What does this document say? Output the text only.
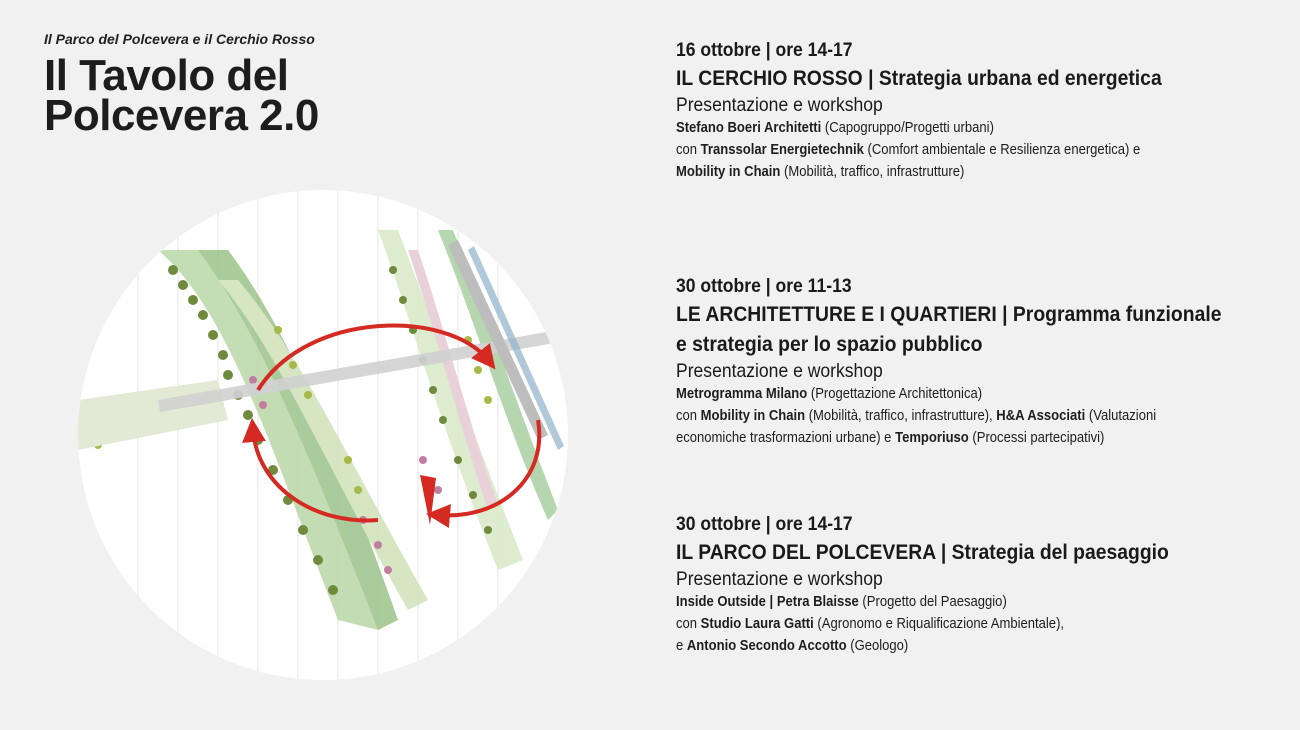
Il Parco del Polcevera e il Cerchio Rosso
Il Tavolo del
Polcevera 2.0
16 ottobre | ore 14-17
IL CERCHIO ROSSO | Strategia urbana ed energetica
Presentazione e workshop
Stefano Boeri Architetti (Capogruppo/Progetti urbani)
con Transsolar Energietechnik (Comfort ambientale e Resilienza energetica) e
Mobility in Chain (Mobilità, traffico, infrastrutture)
30 ottobre | ore 11-13
LE ARCHITETTURE E I QUARTIERI | Programma funzionale e strategia per lo spazio pubblico
Presentazione e workshop
Metrogramma Milano (Progettazione Architettonica)
con Mobility in Chain (Mobilità, traffico, infrastrutture), H&A Associati (Valutazioni
economiche trasformazioni urbane) e Temporiuso (Processi partecipativi)
30 ottobre | ore 14-17
IL PARCO DEL POLCEVERA | Strategia del paesaggio
Presentazione e workshop
Inside Outside | Petra Blaisse (Progetto del Paesaggio)
con Studio Laura Gatti (Agronomo e Riqualificazione Ambientale),
e Antonio Secondo Accotto (Geologo)
